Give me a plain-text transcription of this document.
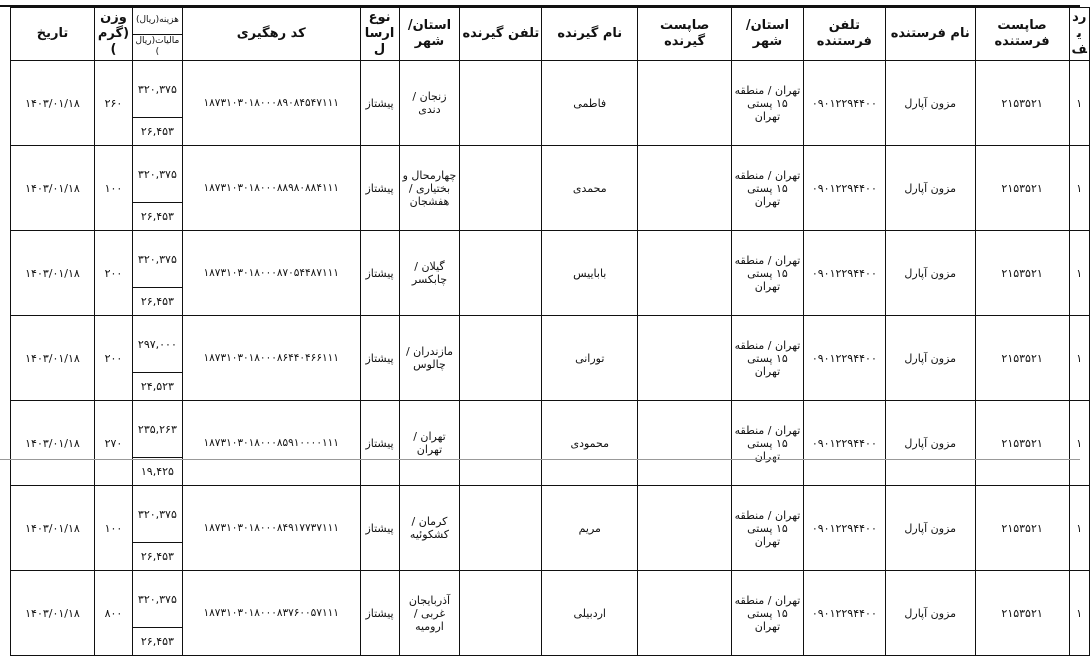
ردیف	صاپست فرستنده	نام فرستنده	تلفن فرستنده	استان/ شهر	صاپست گیرنده	نام گیرنده	تلفن گیرنده	استان/ شهر	نوع ارسال	کد رهگیری	هزینه(ریال)	وزن (گرم)	تاریخ
											مالیات(ریال)		
۱	۲۱۵۳۵۲۱	مزون آپارل	۰۹۰۱۲۲۹۴۴۰۰	تهران / منطقه ۱۵ پستی تهران		فاطمی		زنجان / دندی	پیشتاز	۱۸۷۳۱۰۳۰۱۸۰۰۰۸۹۰۸۴۵۴۷۱۱۱	۳۲۰,۳۷۵	۲۶۰	۱۴۰۳/۰۱/۱۸
											۲۶,۴۵۳		
۱	۲۱۵۳۵۲۱	مزون آپارل	۰۹۰۱۲۲۹۴۴۰۰	تهران / منطقه ۱۵ پستی تهران		محمدی		چهارمحال و بختیاری / هفشجان	پیشتاز	۱۸۷۳۱۰۳۰۱۸۰۰۰۸۸۹۸۰۸۸۴۱۱۱	۳۲۰,۳۷۵	۱۰۰	۱۴۰۳/۰۱/۱۸
											۲۶,۴۵۳		
۱	۲۱۵۳۵۲۱	مزون آپارل	۰۹۰۱۲۲۹۴۴۰۰	تهران / منطقه ۱۵ پستی تهران		باباییس		گیلان / چابکسر	پیشتاز	۱۸۷۳۱۰۳۰۱۸۰۰۰۸۷۰۵۴۴۸۷۱۱۱	۳۲۰,۳۷۵	۲۰۰	۱۴۰۳/۰۱/۱۸
											۲۶,۴۵۳		
۱	۲۱۵۳۵۲۱	مزون آپارل	۰۹۰۱۲۲۹۴۴۰۰	تهران / منطقه ۱۵ پستی تهران		تورانی		مازندران / چالوس	پیشتاز	۱۸۷۳۱۰۳۰۱۸۰۰۰۸۶۴۴۰۴۶۶۱۱۱	۲۹۷,۰۰۰	۲۰۰	۱۴۰۳/۰۱/۱۸
											۲۴,۵۲۳		
۱	۲۱۵۳۵۲۱	مزون آپارل	۰۹۰۱۲۲۹۴۴۰۰	تهران / منطقه ۱۵ پستی تهران		محمودی		تهران / تهران	پیشتاز	۱۸۷۳۱۰۳۰۱۸۰۰۰۸۵۹۱۰۰۰۰۱۱۱	۲۳۵,۲۶۳	۲۷۰	۱۴۰۳/۰۱/۱۸
											۱۹,۴۲۵		
۱	۲۱۵۳۵۲۱	مزون آپارل	۰۹۰۱۲۲۹۴۴۰۰	تهران / منطقه ۱۵ پستی تهران		مریم		کرمان / کشکوئیه	پیشتاز	۱۸۷۳۱۰۳۰۱۸۰۰۰۸۴۹۱۷۷۳۷۱۱۱	۳۲۰,۳۷۵	۱۰۰	۱۴۰۳/۰۱/۱۸
											۲۶,۴۵۳		
۱	۲۱۵۳۵۲۱	مزون آپارل	۰۹۰۱۲۲۹۴۴۰۰	تهران / منطقه ۱۵ پستی تهران		اردبیلی		آذربایجان غربی / ارومیه	پیشتاز	۱۸۷۳۱۰۳۰۱۸۰۰۰۸۳۷۶۰۰۵۷۱۱۱	۳۲۰,۳۷۵	۸۰۰	۱۴۰۳/۰۱/۱۸
											۲۶,۴۵۳		
